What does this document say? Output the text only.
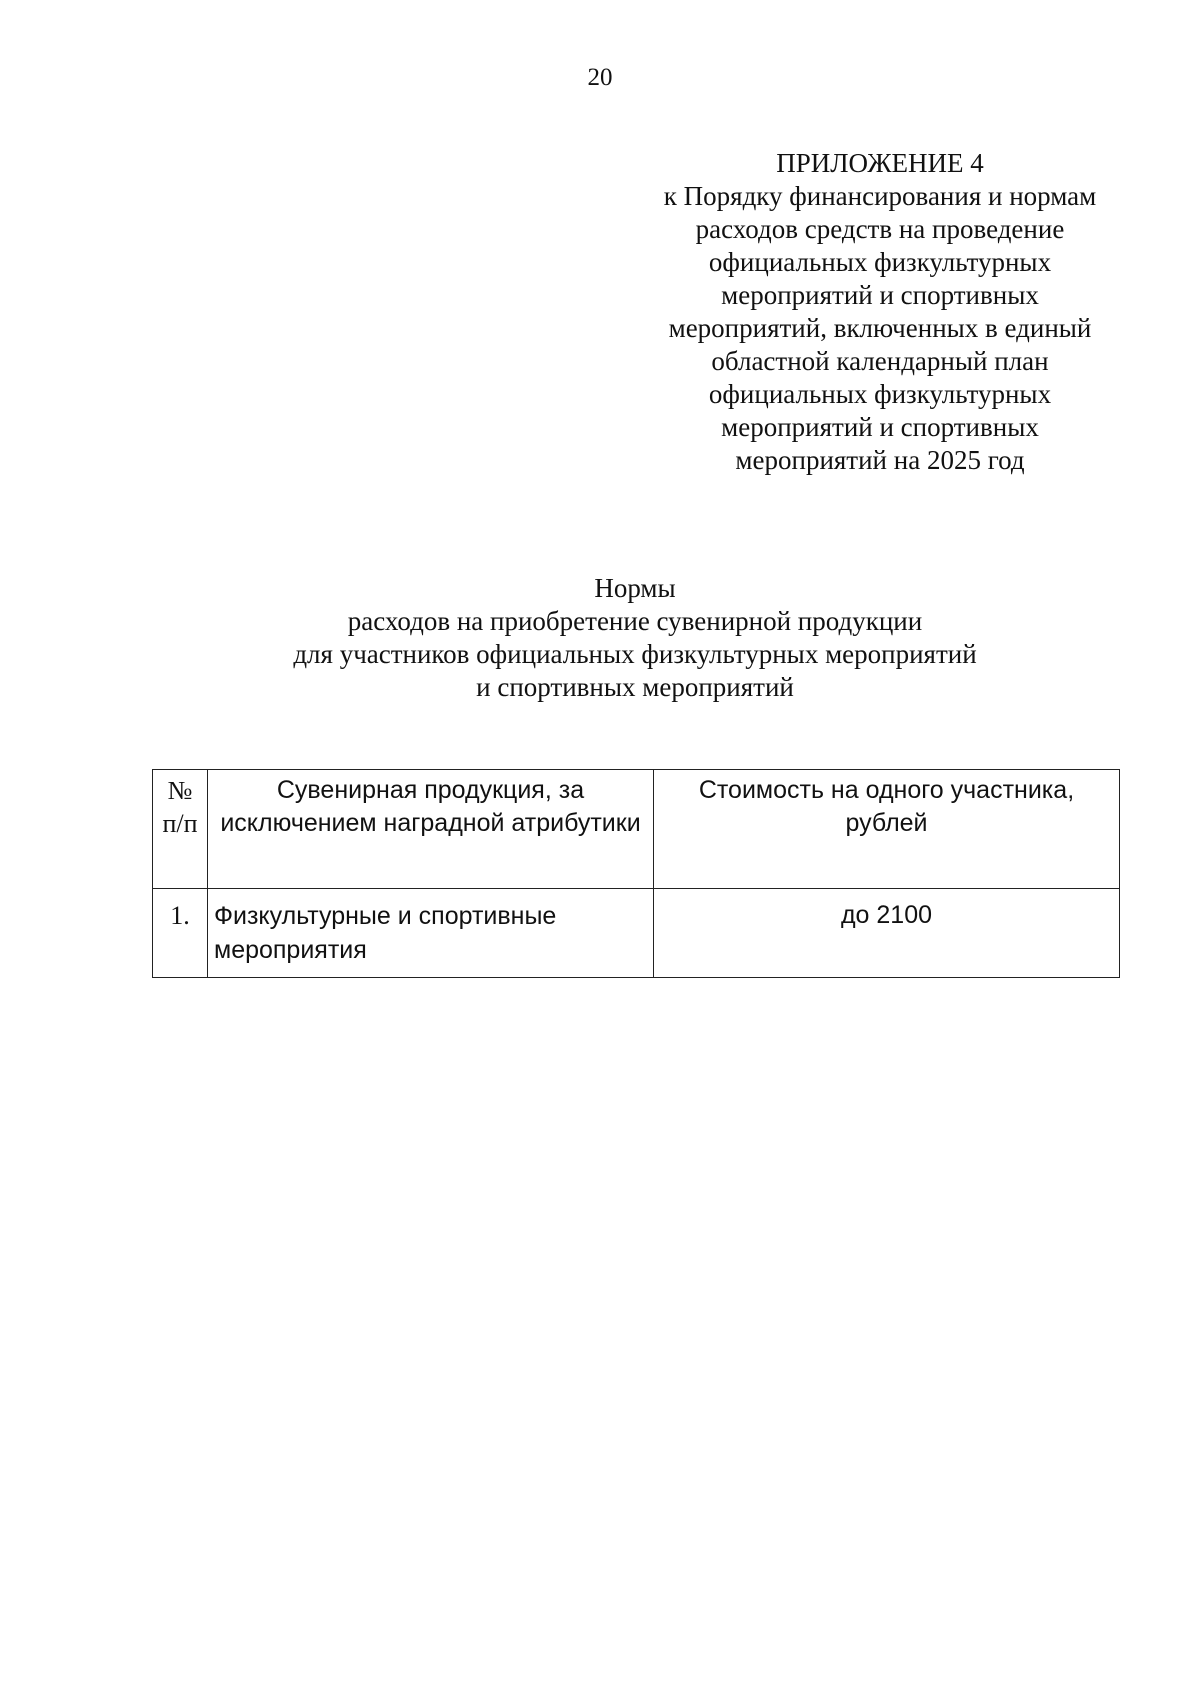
20
ПРИЛОЖЕНИЕ 4
к Порядку финансирования и нормам
расходов средств на проведение
официальных физкультурных
мероприятий и спортивных
мероприятий, включенных в единый
областной календарный план
официальных физкультурных
мероприятий и спортивных
мероприятий на 2025 год
Нормы
расходов на приобретение сувенирной продукции
для участников официальных физкультурных мероприятий
и спортивных мероприятий
№
п/п	Сувенирная продукция, за исключением наградной атрибутики	Стоимость на одного участника, рублей
1.	Физкультурные и спортивные мероприятия	до 2100
